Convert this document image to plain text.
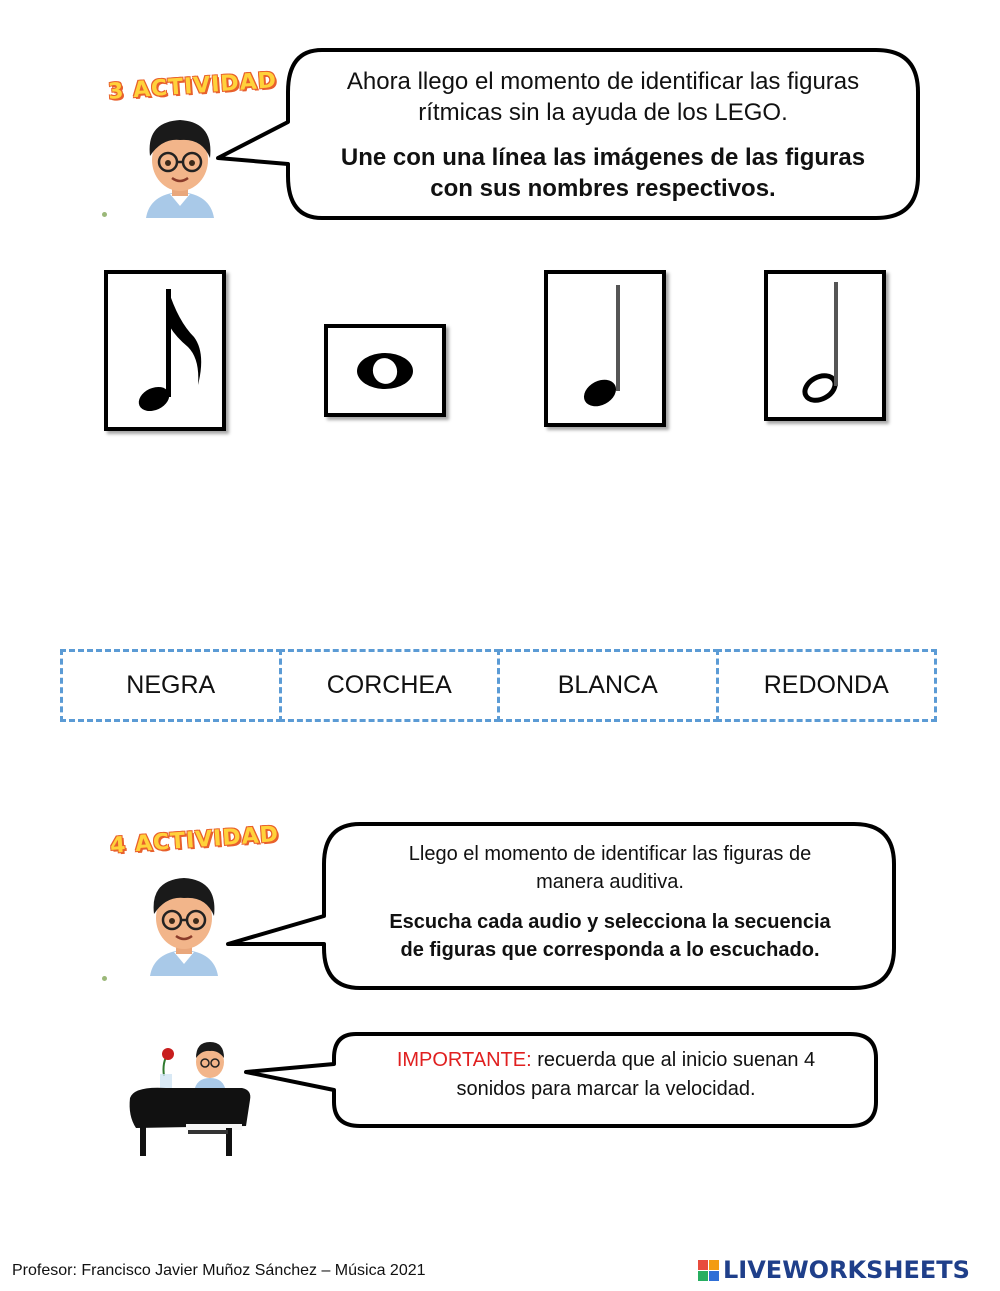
3 ACTIVIDAD	Ahora llego el momento de identificar las figuras

rítmicas sin la ayuda de los LEGO.

Une con una línea las imágenes de las figuras

con sus nombres respectivos.

NEGRA	CORCHEA	BLANCA	REDONDA
4 ACTIVIDAD	Llego el momento de identificar las figuras de

manera auditiva.

Escucha cada audio y selecciona la secuencia

de figuras que corresponda a lo escuchado.

IMPORTANTE: recuerda que al inicio suenan 4

sonidos para marcar la velocidad.

Profesor: Francisco Javier Muñoz Sánchez – Música 2021	LIVEWORKSHEETS
